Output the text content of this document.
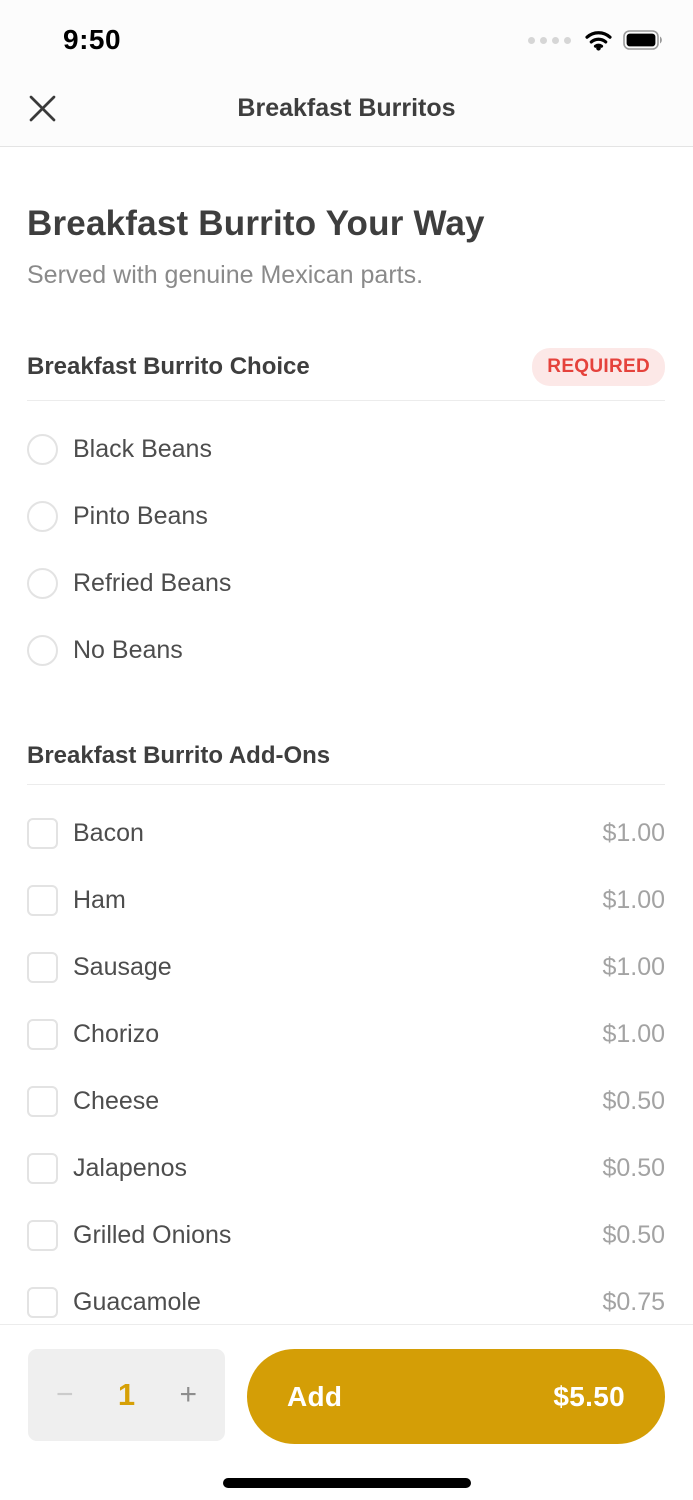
9:50
Breakfast Burritos
Breakfast Burrito Your Way

Served with genuine Mexican parts.

Breakfast Burrito Choice	REQUIRED
Black Beans
Pinto Beans
Refried Beans
No Beans
Breakfast Burrito Add-Ons
Bacon	$1.00
Ham	$1.00
Sausage	$1.00
Chorizo	$1.00
Cheese	$0.50
Jalapenos	$0.50
Grilled Onions	$0.50
Guacamole	$0.75
− 1 +	Add	$5.50
